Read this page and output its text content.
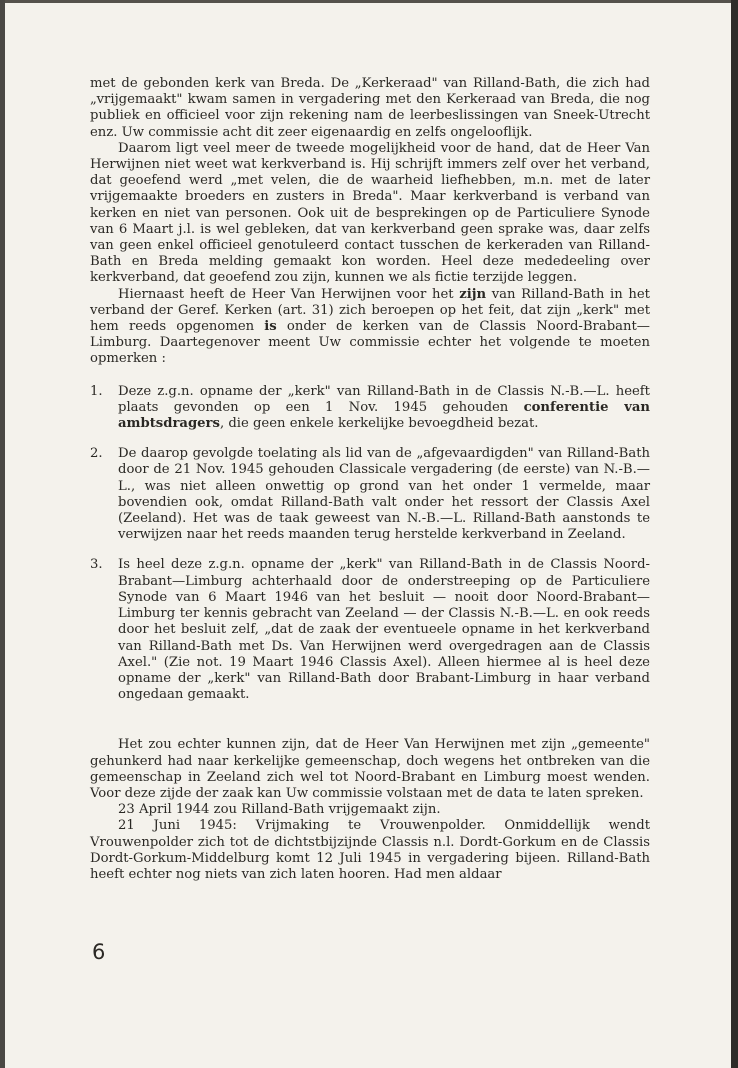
met de gebonden kerk van Breda. De „Kerkeraad" van Rilland-Bath, die zich had „vrijgemaakt" kwam samen in vergadering met den Kerkeraad van Breda, die nog publiek en officieel voor zijn rekening nam de leerbeslissingen van Sneek-Utrecht enz. Uw commissie acht dit zeer eigenaardig en zelfs ongelooflijk.

Daarom ligt veel meer de tweede mogelijkheid voor de hand, dat de Heer Van Herwijnen niet weet wat kerkverband is. Hij schrijft immers zelf over het verband, dat geoefend werd „met velen, die de waarheid liefhebben, m.n. met de later vrijgemaakte broeders en zusters in Breda". Maar kerkverband is verband van kerken en niet van personen. Ook uit de besprekingen op de Particuliere Synode van 6 Maart j.l. is wel gebleken, dat van kerkverband geen sprake was, daar zelfs van geen enkel officieel genotuleerd contact tusschen de kerkeraden van Rilland-Bath en Breda melding gemaakt kon worden. Heel deze mededeeling over kerkverband, dat geoefend zou zijn, kunnen we als fictie terzijde leggen.

Hiernaast heeft de Heer Van Herwijnen voor het zijn van Rilland-Bath in het verband der Geref. Kerken (art. 31) zich beroepen op het feit, dat zijn „kerk" met hem reeds opgenomen is onder de kerken van de Classis Noord-Brabant—Limburg. Daartegenover meent Uw commissie echter het volgende te moeten opmerken :

1. Deze z.g.n. opname der „kerk" van Rilland-Bath in de Classis N.-B.—L. heeft plaats gevonden op een 1 Nov. 1945 gehouden conferentie van ambtsdragers, die geen enkele kerkelijke bevoegdheid bezat.
2. De daarop gevolgde toelating als lid van de „afgevaardigden" van Rilland-Bath door de 21 Nov. 1945 gehouden Classicale vergadering (de eerste) van N.-B.—L., was niet alleen onwettig op grond van het onder 1 vermelde, maar bovendien ook, omdat Rilland-Bath valt onder het ressort der Classis Axel (Zeeland). Het was de taak geweest van N.-B.—L. Rilland-Bath aanstonds te verwijzen naar het reeds maanden terug herstelde kerkverband in Zeeland.
3. Is heel deze z.g.n. opname der „kerk" van Rilland-Bath in de Classis Noord-Brabant—Limburg achterhaald door de onderstreeping op de Particuliere Synode van 6 Maart 1946 van het besluit — nooit door Noord-Brabant—Limburg ter kennis gebracht van Zeeland — der Classis N.-B.—L. en ook reeds door het besluit zelf, „dat de zaak der eventueele opname in het kerkverband van Rilland-Bath met Ds. Van Herwijnen werd overgedragen aan de Classis Axel." (Zie not. 19 Maart 1946 Classis Axel). Alleen hiermee al is heel deze opname der „kerk" van Rilland-Bath door Brabant-Limburg in haar verband ongedaan gemaakt.

Het zou echter kunnen zijn, dat de Heer Van Herwijnen met zijn „gemeente" gehunkerd had naar kerkelijke gemeenschap, doch wegens het ontbreken van die gemeenschap in Zeeland zich wel tot Noord-Brabant en Limburg moest wenden. Voor deze zijde der zaak kan Uw commissie volstaan met de data te laten spreken.

23 April 1944 zou Rilland-Bath vrijgemaakt zijn.

21 Juni 1945: Vrijmaking te Vrouwenpolder. Onmiddellijk wendt Vrouwenpolder zich tot de dichtstbijzijnde Classis n.l. Dordt-Gorkum en de Classis Dordt-Gorkum-Middelburg komt 12 Juli 1945 in vergadering bijeen. Rilland-Bath heeft echter nog niets van zich laten hooren. Had men aldaar

6
